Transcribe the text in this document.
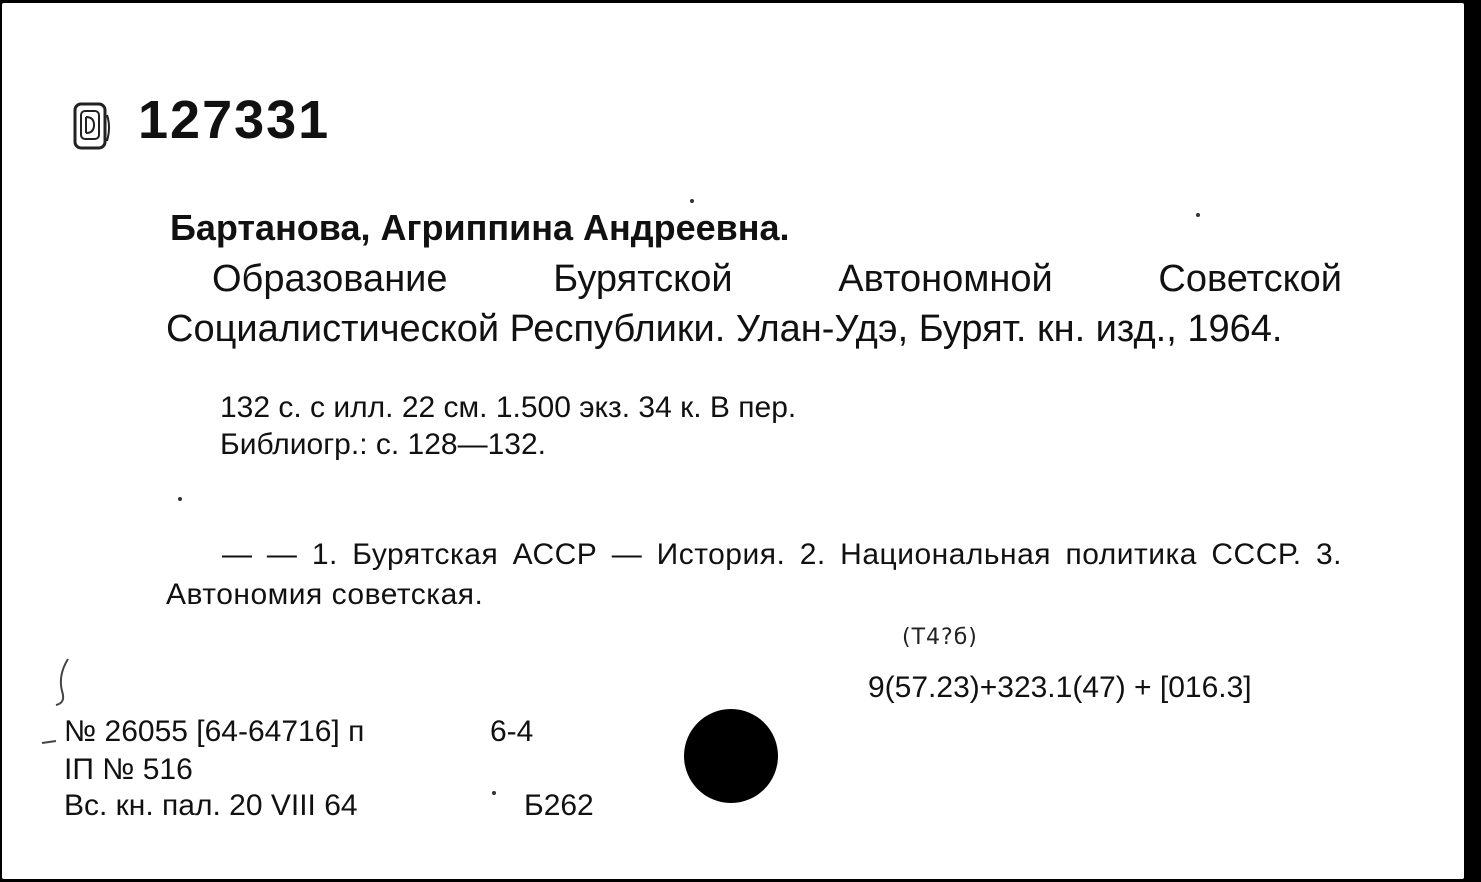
127331
Бартанова, Агриппина Андреевна.
Образование Бурятской Автономной Советской Социалистической Республики. Улан-Удэ, Бурят. кн. изд., 1964.
132 с. с илл. 22 см. 1.500 экз. 34 к. В пер.
Библиогр.: с. 128—132.
— — 1. Бурятская АССР — История. 2. Национальная политика СССР. 3. Автономия советская.
(Т4?б)
9(57.23)+323.1(47) + [016.3]
№ 26055 [64-64716] п	6-4
ІП № 516
Вс. кн. пал. 20 VIII 64	Б262
